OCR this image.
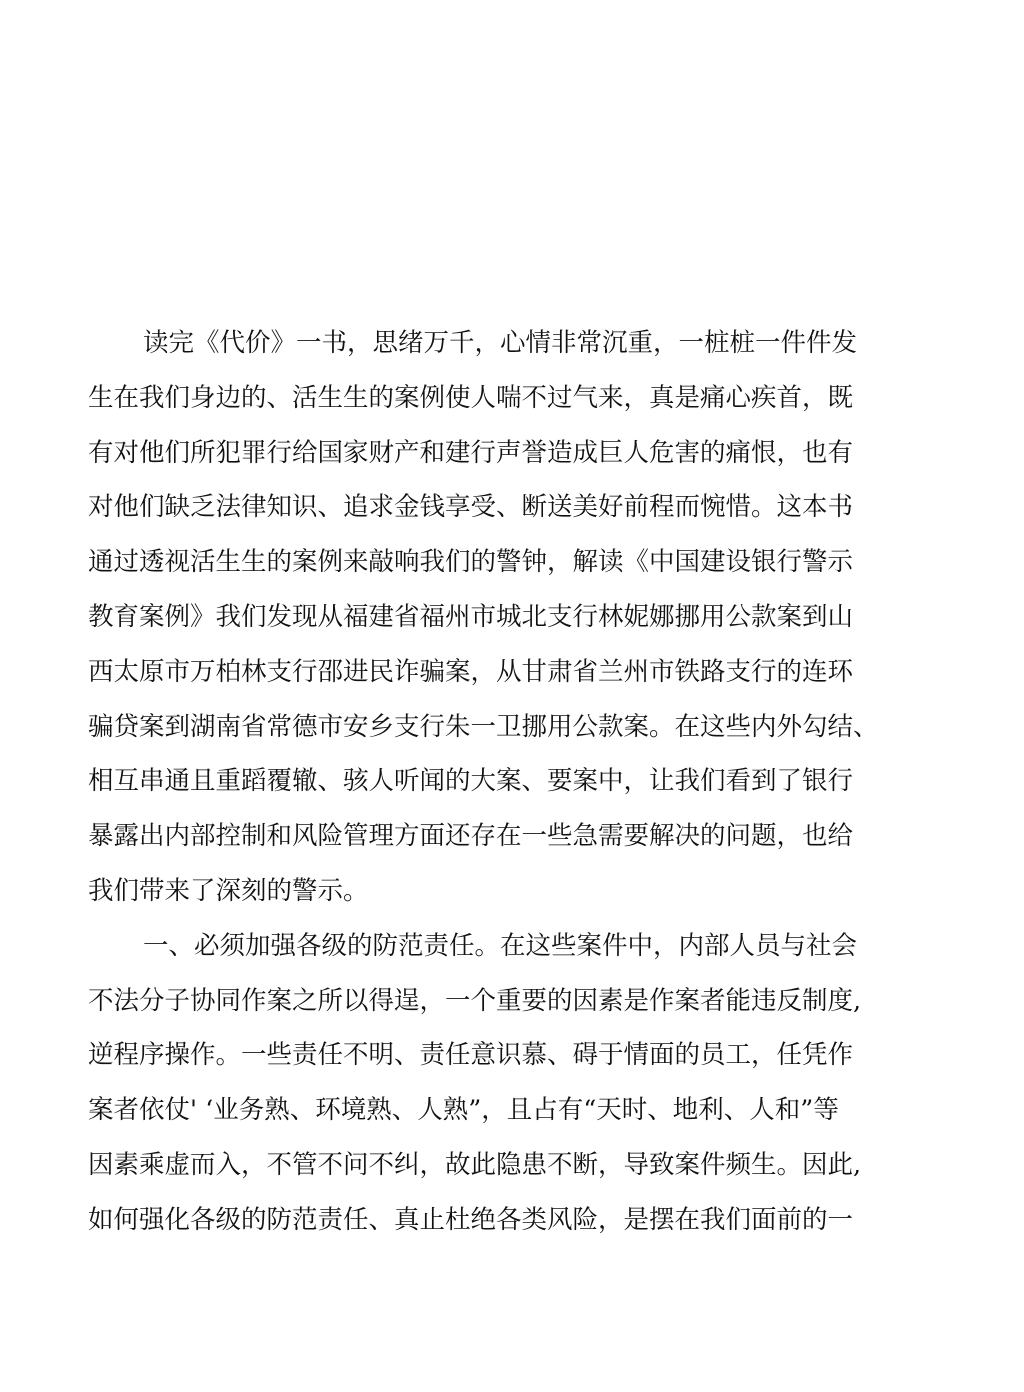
读完《代价》一书，思绪万千，心情非常沉重，一桩桩一件件发
生在我们身边的、活生生的案例使人喘不过气来，真是痛心疾首，既
有对他们所犯罪行给国家财产和建行声誉造成巨人危害的痛恨，也有
对他们缺乏法律知识、追求金钱享受、断送美好前程而惋惜。这本书
通过透视活生生的案例来敲响我们的警钟，解读《中国建设银行警示
教育案例》我们发现从福建省福州市城北支行林妮娜挪用公款案到山
西太原市万柏林支行邵进民诈骗案，从甘肃省兰州市铁路支行的连环
骗贷案到湖南省常德市安乡支行朱一卫挪用公款案。在这些内外勾结、
相互串通且重蹈覆辙、骇人听闻的大案、要案中，让我们看到了银行
暴露出内部控制和风险管理方面还存在一些急需要解决的问题，也给
我们带来了深刻的警示。
一、必须加强各级的防范责任。在这些案件中，内部人员与社会
不法分子协同作案之所以得逞，一个重要的因素是作案者能违反制度,
逆程序操作。一些责任不明、责任意识慕、碍于情面的员工，任凭作
案者依仗' ‘业务熟、环境熟、人熟”，且占有“天时、地利、人和”等
因素乘虚而入，不管不问不纠，故此隐患不断，导致案件频生。因此,
如何强化各级的防范责任、真止杜绝各类风险，是摆在我们面前的一
